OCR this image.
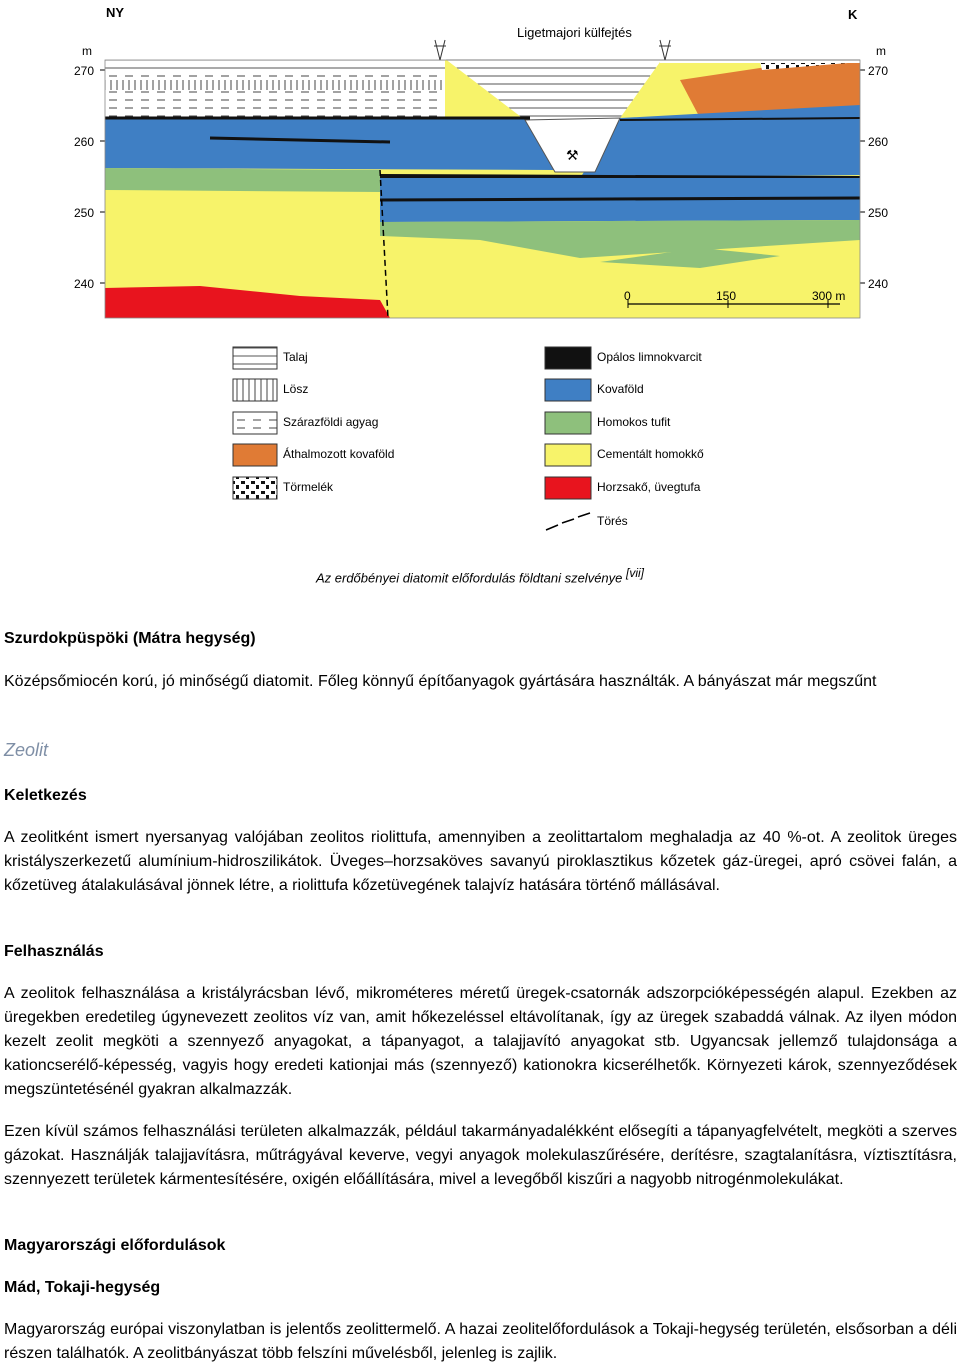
NY	K
m	m
Ligetmajori külfejtés
270
260
250
240
270
260
250
240
⚒
0	150	300 m
Talaj
Lösz
Szárazföldi agyag
Áthalmozott kovaföld
Törmelék
Opálos limnokvarcit
Kovaföld
Homokos tufit
Cementált homokkő
Horzsakő, üvegtufa
Törés
Az erdőbényei diatomit előfordulás földtani szelvénye [vii]
Szurdokpüspöki (Mátra hegység)

Középsőmiocén korú, jó minőségű diatomit. Főleg könnyű építőanyagok gyártására használták. A bányászat már megszűnt

Zeolit
Keletkezés

A zeolitként ismert nyersanyag valójában zeolitos riolittufa, amennyiben a zeolittartalom meghaladja az 40 %-ot. A zeolitok üreges kristályszerkezetű alumínium-hidroszilikátok. Üveges–horzsaköves savanyú piroklasztikus kőzetek gáz-üregei, apró csövei falán, a kőzetüveg átalakulásával jönnek létre, a riolittufa kőzetüvegének talajvíz hatására történő mállásával.

Felhasználás

A zeolitok felhasználása a kristályrácsban lévő, mikrométeres méretű üregek-csatornák adszorpcióképességén alapul. Ezekben az üregekben eredetileg úgynevezett zeolitos víz van, amit hőkezeléssel eltávolítanak, így az üregek szabaddá válnak. Az ilyen módon kezelt zeolit megköti a szennyező anyagokat, a tápanyagot, a talajjavító anyagokat stb. Ugyancsak jellemző tulajdonsága a kationcserélő-képesség, vagyis hogy eredeti kationjai más (szennyező) kationokra kicserélhetők. Környezeti károk, szennyeződések megszüntetésénél gyakran alkalmazzák.

Ezen kívül számos felhasználási területen alkalmazzák, például takarmányadalékként elősegíti a tápanyagfelvételt, megköti a szerves gázokat. Használják talajjavításra, műtrágyával keverve, vegyi anyagok molekulaszűrésére, derítésre, szagtalanításra, víztisztításra, szennyezett területek kármentesítésére, oxigén előállítására, mivel a levegőből kiszűri a nagyobb nitrogénmolekulákat.

Magyarországi előfordulások
Mád, Tokaji-hegység

Magyarország európai viszonylatban is jelentős zeolittermelő. A hazai zeolitelőfordulások a Tokaji-hegység területén, elsősorban a déli részen találhatók. A zeolitbányászat több felszíni művelésből, jelenleg is zajlik.
